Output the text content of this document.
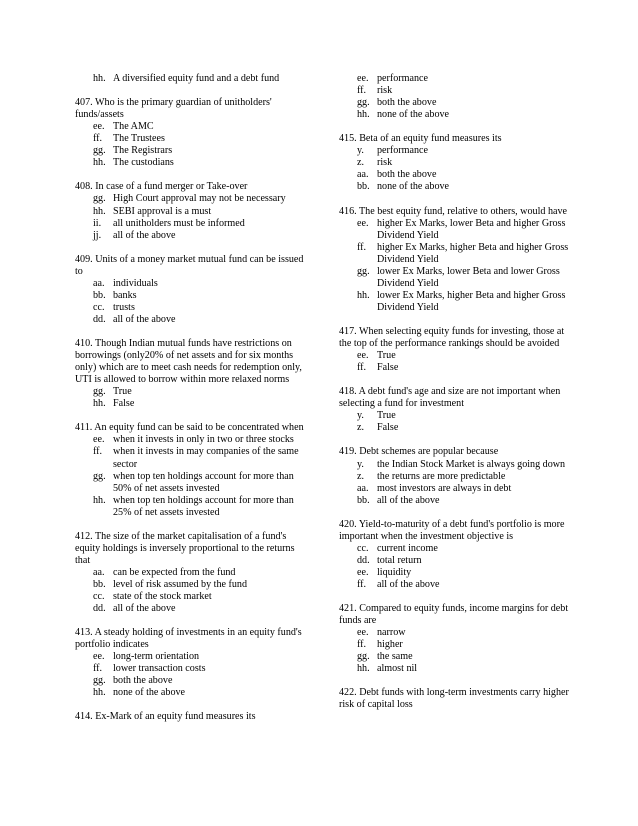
hh. A diversified equity fund and a debt fund
407. Who is the primary guardian of unitholders' funds/assets
ee. The AMC
ff. The Trustees
gg. The Registrars
hh. The custodians
408. In case of a fund merger or Take-over
gg. High Court approval may not be necessary
hh. SEBI approval is a must
ii. all unitholders must be informed
jj. all of the above
409. Units of a money market mutual fund can be issued to
aa. individuals
bb. banks
cc. trusts
dd. all of the above
410. Though Indian mutual funds have restrictions on borrowings (only20% of net assets and for six months only) which are to meet cash needs for redemption only, UTI is allowed to borrow within more relaxed norms
gg. True
hh. False
411. An equity fund can be said to be concentrated when
ee. when it invests in only in two or three stocks
ff. when it invests in may companies of the same sector
gg. when top ten holdings account for more than 50% of net assets invested
hh. when top ten holdings account for more than 25% of net assets invested
412. The size of the market capitalisation of a fund's equity holdings is inversely proportional to the returns that
aa. can be expected from the fund
bb. level of risk assumed by the fund
cc. state of the stock market
dd. all of the above
413. A steady holding of investments in an equity fund's portfolio indicates
ee. long-term orientation
ff. lower transaction costs
gg. both the above
hh. none of the above
414. Ex-Mark of an equity fund measures its
ee. performance
ff. risk
gg. both the above
hh. none of the above
415. Beta of an equity fund measures its
y. performance
z. risk
aa. both the above
bb. none of the above
416. The best equity fund, relative to others, would have
ee. higher Ex Marks, lower Beta and higher Gross Dividend Yield
ff. higher Ex Marks, higher Beta and higher Gross Dividend Yield
gg. lower Ex Marks, lower Beta and lower Gross Dividend Yield
hh. lower Ex Marks, higher Beta and higher Gross Dividend Yield
417. When selecting equity funds for investing, those at the top of the performance rankings should be avoided
ee. True
ff. False
418. A debt fund's age and size are not important when selecting a fund for investment
y. True
z. False
419. Debt schemes are popular because
y. the Indian Stock Market is always going down
z. the returns are more predictable
aa. most investors are always in debt
bb. all of the above
420. Yield-to-maturity of a debt fund's portfolio is more important when the investment objective is
cc. current income
dd. total return
ee. liquidity
ff. all of the above
421. Compared to equity funds, income margins for debt funds are
ee. narrow
ff. higher
gg. the same
hh. almost nil
422. Debt funds with long-term investments carry higher risk of capital loss
